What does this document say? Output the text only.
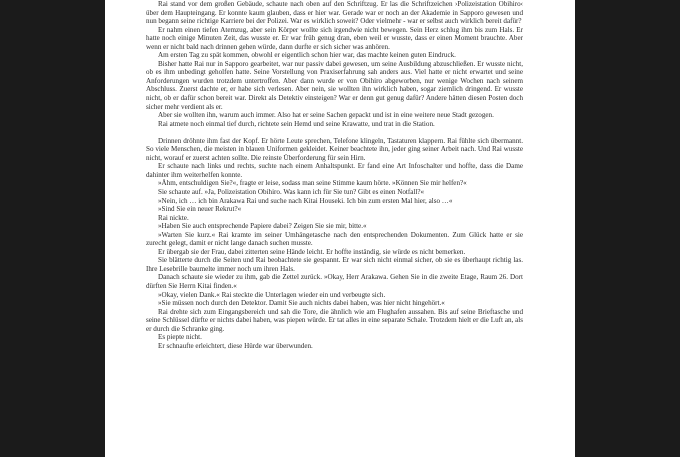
Rai stand vor dem großen Gebäude, schaute nach oben auf den Schriftzug. Er las die Schriftzeichen ›Polizeistation Obihiro‹ über dem Haupteingang. Er konnte kaum glauben, dass er hier war. Gerade war er noch an der Akademie in Sapporo gewesen und nun begann seine richtige Karriere bei der Polizei. War es wirklich soweit? Oder vielmehr - war er selbst auch wirklich bereit dafür?

Er nahm einen tiefen Atemzug, aber sein Körper wollte sich irgendwie nicht bewegen. Sein Herz schlug ihm bis zum Hals. Er hatte noch einige Minuten Zeit, das wusste er. Er war früh genug dran, eben weil er wusste, dass er einen Moment brauchte. Aber wenn er nicht bald nach drinnen gehen würde, dann durfte er sich sicher was anhören.

Am ersten Tag zu spät kommen, obwohl er eigentlich schon hier war, das machte keinen guten Eindruck.

Bisher hatte Rai nur in Sapporo gearbeitet, war nur passiv dabei gewesen, um seine Ausbildung abzuschließen. Er wusste nicht, ob es ihm unbedingt geholfen hatte. Seine Vorstellung von Praxiserfahrung sah anders aus. Viel hatte er nicht erwartet und seine Anforderungen wurden trotzdem untertroffen. Aber dann wurde er von Obihiro abgeworben, nur wenige Wochen nach seinem Abschluss. Zuerst dachte er, er habe sich verlesen. Aber nein, sie wollten ihn wirklich haben, sogar ziemlich dringend. Er wusste nicht, ob er dafür schon bereit war. Direkt als Detektiv einsteigen? War er denn gut genug dafür? Andere hätten diesen Posten doch sicher mehr verdient als er.

Aber sie wollten ihn, warum auch immer. Also hat er seine Sachen gepackt und ist in eine weitere neue Stadt gezogen.

Rai atmete noch einmal tief durch, richtete sein Hemd und seine Krawatte, und trat in die Station.

Drinnen dröhnte ihm fast der Kopf. Er hörte Leute sprechen, Telefone klingeln, Tastaturen klappern. Rai fühlte sich übermannt. So viele Menschen, die meisten in blauen Uniformen gekleidet. Keiner beachtete ihn, jeder ging seiner Arbeit nach. Und Rai wusste nicht, worauf er zuerst achten sollte. Die reinste Überforderung für sein Hirn.

Er schaute nach links und rechts, suchte nach einem Anhaltspunkt. Er fand eine Art Infoschalter und hoffte, dass die Dame dahinter ihm weiterhelfen konnte.

»Ähm, entschuldigen Sie?«, fragte er leise, sodass man seine Stimme kaum hörte. »Können Sie mir helfen?«

Sie schaute auf. »Ja, Polizeistation Obihiro. Was kann ich für Sie tun? Gibt es einen Notfall?«

»Nein, ich … ich bin Arakawa Rai und suche nach Kitai Houseki. Ich bin zum ersten Mal hier, also …«

»Sind Sie ein neuer Rekrut?«

Rai nickte.

»Haben Sie auch entsprechende Papiere dabei? Zeigen Sie sie mir, bitte.«

»Warten Sie kurz.« Rai kramte im seiner Umhängetasche nach den entsprechenden Dokumenten. Zum Glück hatte er sie zurecht gelegt, damit er nicht lange danach suchen musste.

Er übergab sie der Frau, dabei zitterten seine Hände leicht. Er hoffte inständig, sie würde es nicht bemerken.

Sie blätterte durch die Seiten und Rai beobachtete sie gespannt. Er war sich nicht einmal sicher, ob sie es überhaupt richtig las. Ihre Lesebrille baumelte immer noch um ihren Hals.

Danach schaute sie wieder zu ihm, gab die Zettel zurück. »Okay, Herr Arakawa. Gehen Sie in die zweite Etage, Raum 26. Dort dürften Sie Herrn Kitai finden.«

»Okay, vielen Dank.« Rai steckte die Unterlagen wieder ein und verbeugte sich.

»Sie müssen noch durch den Detektor. Damit Sie auch nichts dabei haben, was hier nicht hingehört.«

Rai drehte sich zum Eingangsbereich und sah die Tore, die ähnlich wie am Flughafen aussahen. Bis auf seine Brieftasche und seine Schlüssel dürfte er nichts dabei haben, was piepen würde. Er tat alles in eine separate Schale. Trotzdem hielt er die Luft an, als er durch die Schranke ging.

Es piepte nicht.

Er schnaufte erleichtert, diese Hürde war überwunden.
